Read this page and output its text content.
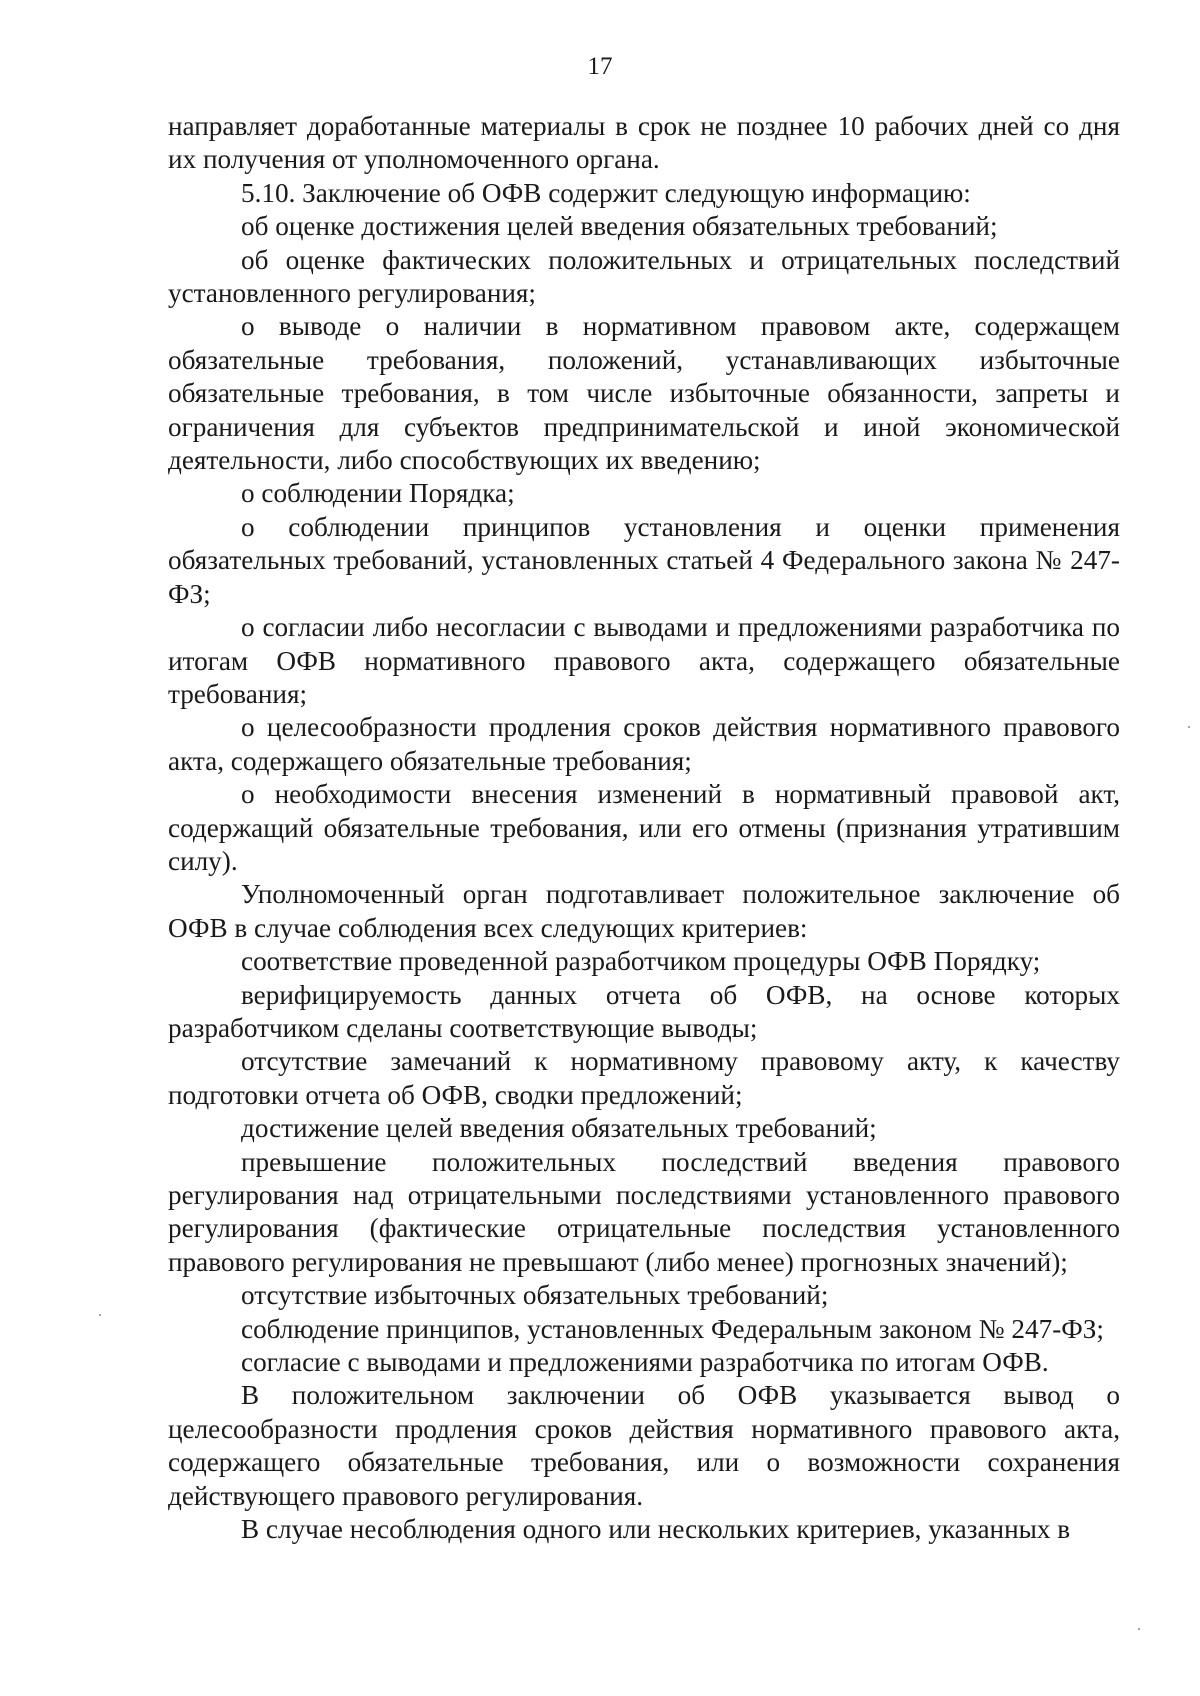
17

направляет доработанные материалы в срок не позднее 10 рабочих дней со дня их получения от уполномоченного органа.

5.10. Заключение об ОФВ содержит следующую информацию:

об оценке достижения целей введения обязательных требований;

об оценке фактических положительных и отрицательных последствий установленного регулирования;

о выводе о наличии в нормативном правовом акте, содержащем обязательные требования, положений, устанавливающих избыточные обязательные требования, в том числе избыточные обязанности, запреты и ограничения для субъектов предпринимательской и иной экономической деятельности, либо способствующих их введению;

о соблюдении Порядка;

о соблюдении принципов установления и оценки применения обязательных требований, установленных статьей 4 Федерального закона № 247-ФЗ;

о согласии либо несогласии с выводами и предложениями разработчика по итогам ОФВ нормативного правового акта, содержащего обязательные требования;

о целесообразности продления сроков действия нормативного правового акта, содержащего обязательные требования;

о необходимости внесения изменений в нормативный правовой акт, содержащий обязательные требования, или его отмены (признания утратившим силу).

Уполномоченный орган подготавливает положительное заключение об ОФВ в случае соблюдения всех следующих критериев:

соответствие проведенной разработчиком процедуры ОФВ Порядку;

верифицируемость данных отчета об ОФВ, на основе которых разработчиком сделаны соответствующие выводы;

отсутствие замечаний к нормативному правовому акту, к качеству подготовки отчета об ОФВ, сводки предложений;

достижение целей введения обязательных требований;

превышение положительных последствий введения правового регулирования над отрицательными последствиями установленного правового регулирования (фактические отрицательные последствия установленного правового регулирования не превышают (либо менее) прогнозных значений);

отсутствие избыточных обязательных требований;

соблюдение принципов, установленных Федеральным законом № 247-ФЗ;

согласие с выводами и предложениями разработчика по итогам ОФВ.

В положительном заключении об ОФВ указывается вывод о целесообразности продления сроков действия нормативного правового акта, содержащего обязательные требования, или о возможности сохранения действующего правового регулирования.

В случае несоблюдения одного или нескольких критериев, указанных в
